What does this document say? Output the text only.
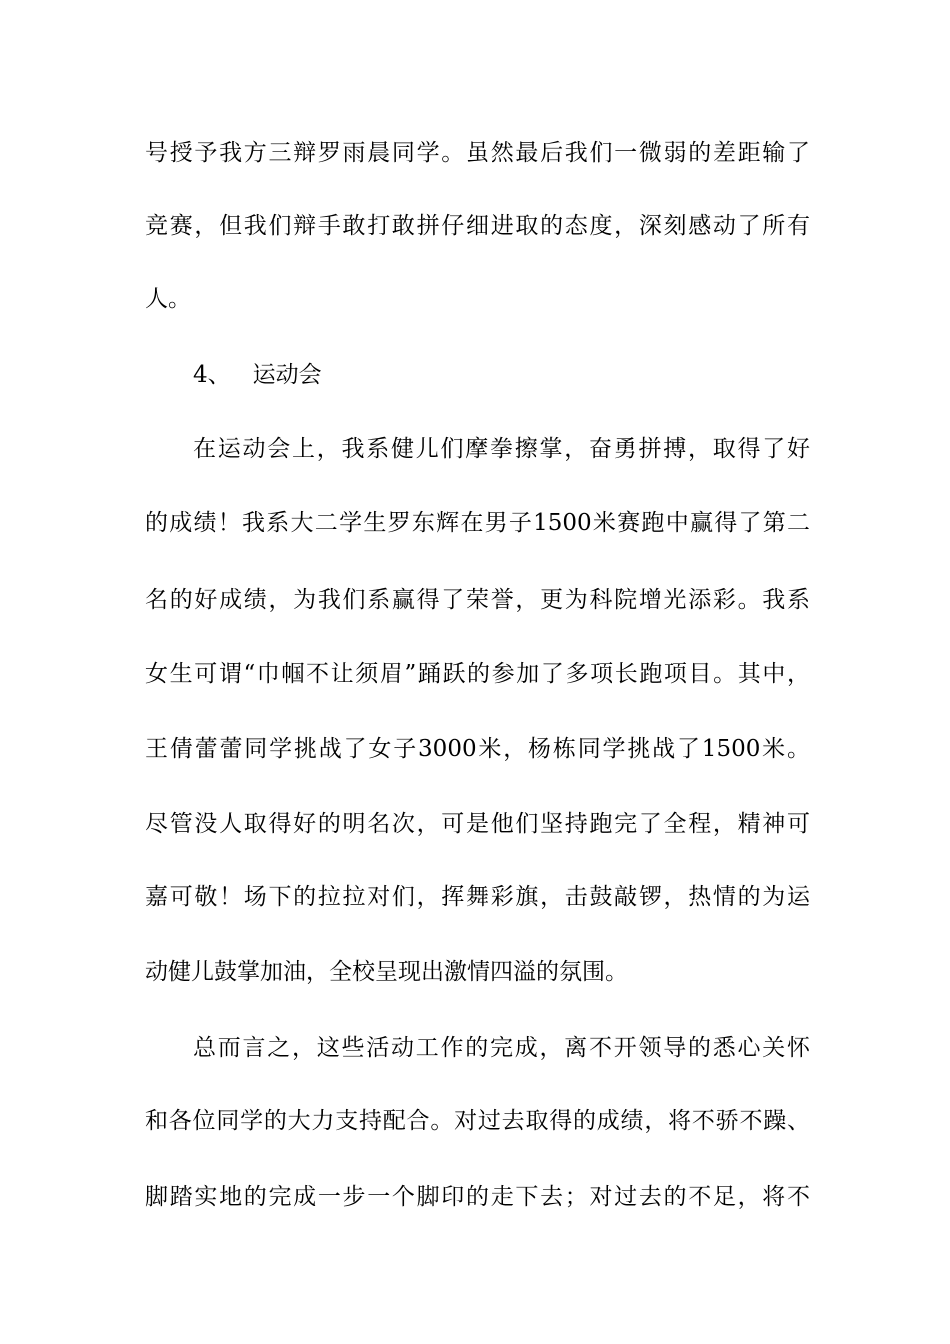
号授予我方三辩罗雨晨同学。虽然最后我们一微弱的差距输了
竞赛，但我们辩手敢打敢拼仔细进取的态度，深刻感动了所有
人。
4、 运动会
在运动会上，我系健儿们摩拳擦掌，奋勇拼搏，取得了好
的成绩！我系大二学生罗东辉在男子1500米赛跑中赢得了第二
名的好成绩，为我们系赢得了荣誉，更为科院增光添彩。我系
女生可谓“巾帼不让须眉”踊跃的参加了多项长跑项目。其中，
王倩蕾蕾同学挑战了女子3000米，杨栋同学挑战了1500米。
尽管没人取得好的明名次，可是他们坚持跑完了全程，精神可
嘉可敬！场下的拉拉对们，挥舞彩旗，击鼓敲锣，热情的为运
动健儿鼓掌加油，全校呈现出激情四溢的氛围。
总而言之，这些活动工作的完成，离不开领导的悉心关怀
和各位同学的大力支持配合。对过去取得的成绩，将不骄不躁、
脚踏实地的完成一步一个脚印的走下去；对过去的不足，将不
